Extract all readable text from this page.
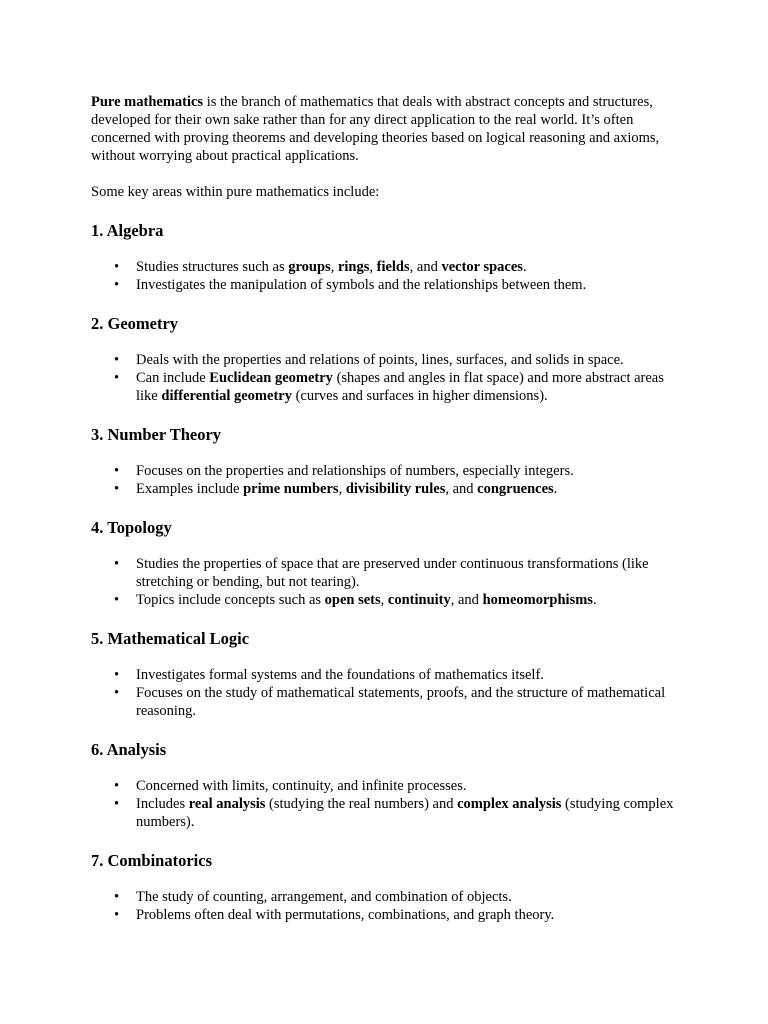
Pure mathematics is the branch of mathematics that deals with abstract concepts and structures, developed for their own sake rather than for any direct application to the real world. It’s often concerned with proving theorems and developing theories based on logical reasoning and axioms, without worrying about practical applications.

Some key areas within pure mathematics include:

1. Algebra
• Studies structures such as groups, rings, fields, and vector spaces.
• Investigates the manipulation of symbols and the relationships between them.
2. Geometry
• Deals with the properties and relations of points, lines, surfaces, and solids in space.
• Can include Euclidean geometry (shapes and angles in flat space) and more abstract areas like differential geometry (curves and surfaces in higher dimensions).
3. Number Theory
• Focuses on the properties and relationships of numbers, especially integers.
• Examples include prime numbers, divisibility rules, and congruences.
4. Topology
• Studies the properties of space that are preserved under continuous transformations (like stretching or bending, but not tearing).
• Topics include concepts such as open sets, continuity, and homeomorphisms.
5. Mathematical Logic
• Investigates formal systems and the foundations of mathematics itself.
• Focuses on the study of mathematical statements, proofs, and the structure of mathematical reasoning.
6. Analysis
• Concerned with limits, continuity, and infinite processes.
• Includes real analysis (studying the real numbers) and complex analysis (studying complex numbers).
7. Combinatorics
• The study of counting, arrangement, and combination of objects.
• Problems often deal with permutations, combinations, and graph theory.
